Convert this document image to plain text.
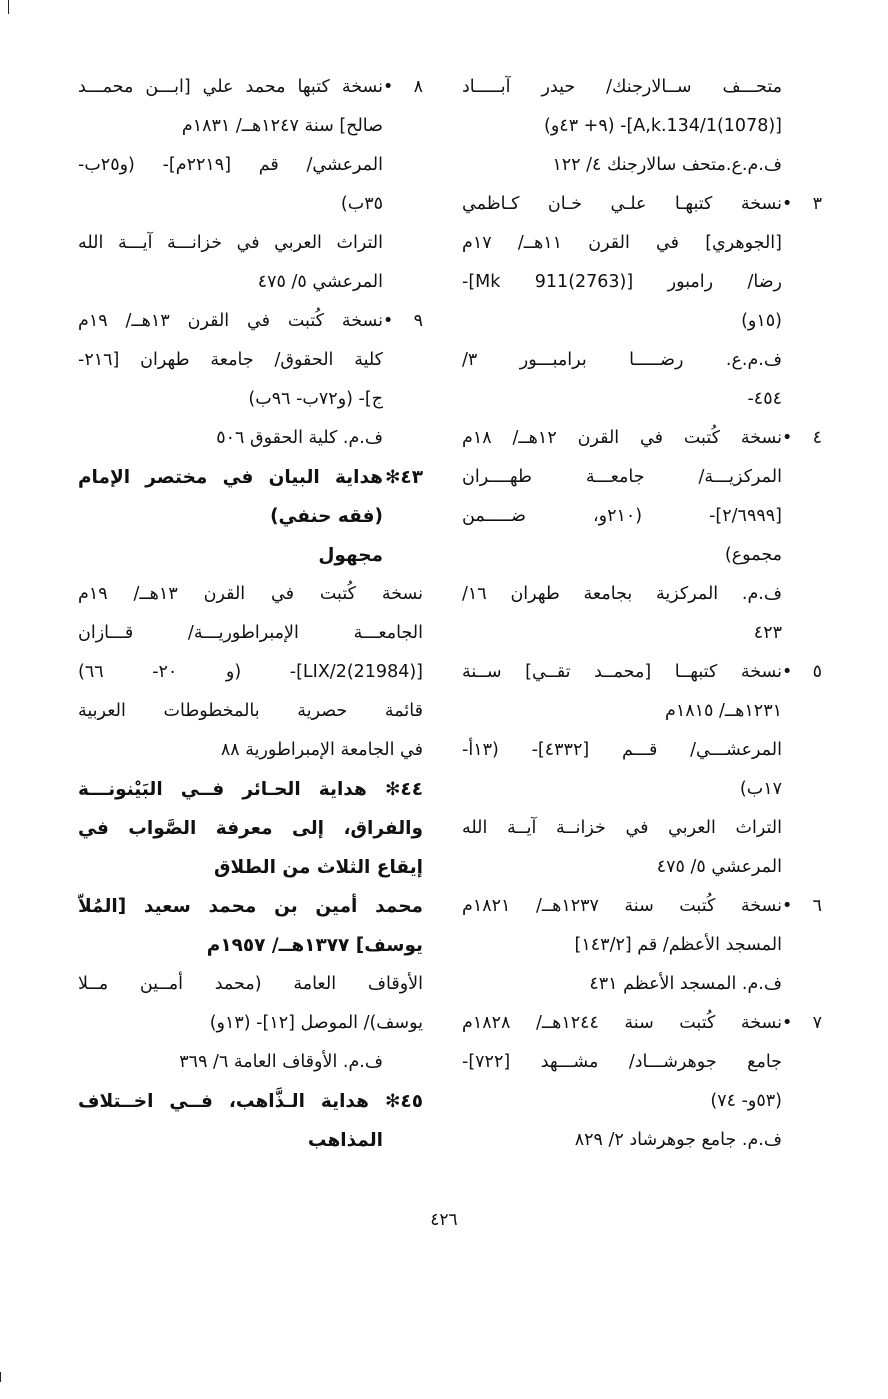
متحـــف ســالارجنك/ حيدر آبـــــاد
[(1078)A,k.134/1]- (٩+ ٤٣و)
ف.م.ع.متحف سالارجنك ٤/ ١٢٢
٣ •نسخة كتبهـا علـي خـان كـاظمي
[الجوهري] في القرن ١١هــ/ ١٧م
رضا/ رامبور [Mk 911(2763)]-
(١٥و)
ف.م.ع. رضـــــا برامبـــور ٣/
٤٥٤-
٤ •نسخة كُتبت في القرن ١٢هــ/ ١٨م
المركزيـــة/ جامعـــة طهــــران
[٢/٦٩٩٩]- (٢١٠و، ضـــــمن
مجموع)
ف.م. المركزية بجامعة طهران ١٦/
٤٢٣
٥ •نسخة كتبهــا [محمــد تقــي] ســنة
١٢٣١هــ/ ١٨١٥م
المرعشـــي/ قـــم [٤٣٣٢]- (١٣أ-
١٧ب)
التراث العربي في خزانــة آيــة الله
المرعشي ٥/ ٤٧٥
٦ •نسخة كُتبت سنة ١٢٣٧هــ/ ١٨٢١م
المسجد الأعظم/ قم [١٤٣/٢]
ف.م. المسجد الأعظم ٤٣١
٧ •نسخة كُتبت سنة ١٢٤٤هــ/ ١٨٢٨م
جامع جوهرشـــاد/ مشـــهد [٧٢٢]-
(٥٣و- ٧٤)
ف.م. جامع جوهرشاد ٢/ ٨٢٩
٨ •نسخة كتبها محمد علي [ابـــن محمـــد
صالح] سنة ١٢٤٧هــ/ ١٨٣١م
المرعشي/ قم [٢٢١٩م]- (و٢٥ب-
٣٥ب)
التراث العربي في خزانـــة آيـــة الله
المرعشي ٥/ ٤٧٥
٩ •نسخة كُتبت في القرن ١٣هــ/ ١٩م
كلية الحقوق/ جامعة طهران [٢١٦-
ج]- (و٧٢ب- ٩٦ب)
ف.م. كلية الحقوق ٥٠٦
٤٣✻هداية البيان في مختصر الإمام
(فقه حنفي)
مجهول
نسخة كُتبت في القرن ١٣هــ/ ١٩م
الجامعـــة الإمبراطوريـــة/ قـــازان
[LIX/2(21984)]- (و ٢٠- ٦٦)
قائمة حصرية بالمخطوطات العربية
في الجامعة الإمبراطورية ٨٨
٤٤✻ هداية الحـائر فــي البَيْنونـــة
والفراق، إلى معرفة الصَّواب في
إيقاع الثلاث من الطلاق
محمد أمين بن محمد سعيد [المُلاّ
يوسف] ١٣٧٧هــ/ ١٩٥٧م
الأوقاف العامة (محمد أمــين مــلا
يوسف)/ الموصل [١٢]- (١٣و)
ف.م. الأوقاف العامة ٦/ ٣٦٩
٤٥✻ هداية الـذَّاهب، فــي اخــتلاف
المذاهب
٤٢٦
